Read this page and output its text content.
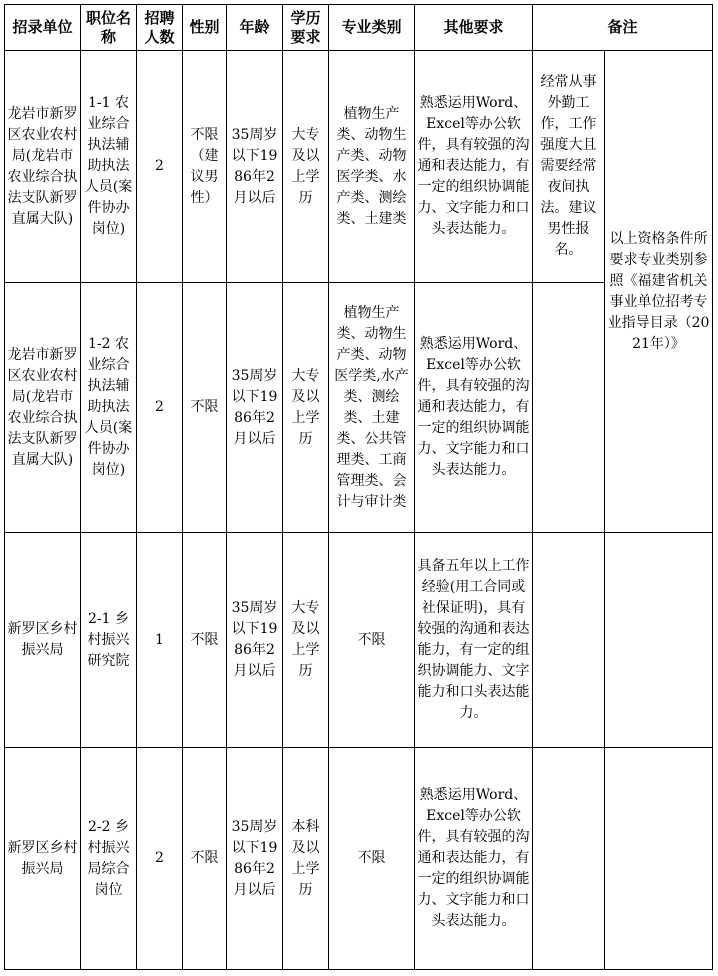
招录单位	职位名称	招聘人数	性别	年龄	学历要求	专业类别	其他要求	备注	
龙岩市新罗区农业农村局(龙岩市农业综合执法支队新罗直属大队)	1-1 农业综合执法辅助执法人员(案件协办岗位)	2	不限（建议男性）	35周岁以下1986年2月以后	大专及以上学历	植物生产类、动物生产类、动物医学类、水产类、测绘类、土建类	熟悉运用Word、Excel等办公软件，具有较强的沟通和表达能力，有一定的组织协调能力、文字能力和口头表达能力。	经常从事外勤工作，工作强度大且需要经常夜间执法。建议男性报名。	以上资格条件所要求专业类别参照《福建省机关事业单位招考专业指导目录（2021年）》
龙岩市新罗区农业农村局(龙岩市农业综合执法支队新罗直属大队)	1-2 农业综合执法辅助执法人员(案件协办岗位)	2	不限	35周岁以下1986年2月以后	大专及以上学历	植物生产类、动物生产类、动物医学类,水产类、测绘类、土建类、公共管理类、工商管理类、会计与审计类	熟悉运用Word、Excel等办公软件，具有较强的沟通和表达能力，有一定的组织协调能力、文字能力和口头表达能力。		
新罗区乡村振兴局	2-1 乡村振兴研究院	1	不限	35周岁以下1986年2月以后	大专及以上学历	不限	具备五年以上工作经验(用工合同或社保证明)，具有较强的沟通和表达能力，有一定的组织协调能力、文字能力和口头表达能力。		
新罗区乡村振兴局	2-2 乡村振兴局综合岗位	2	不限	35周岁以下1986年2月以后	本科及以上学历	不限	熟悉运用Word、Excel等办公软件，具有较强的沟通和表达能力，有一定的组织协调能力、文字能力和口头表达能力。		
